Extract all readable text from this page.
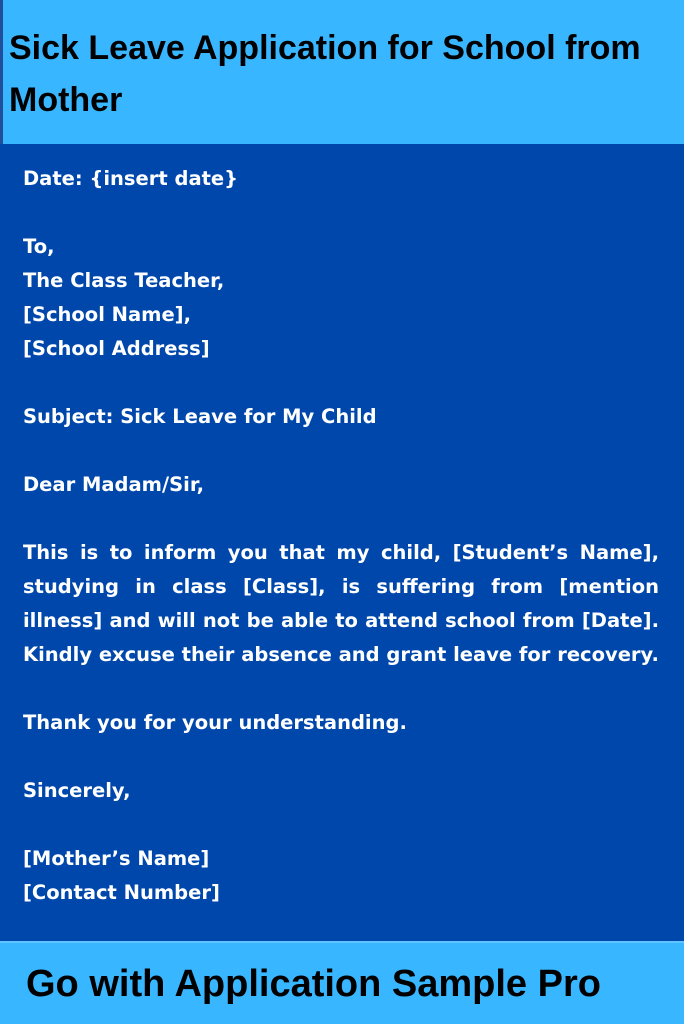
Sick Leave Application for School from Mother
Date: {insert date}
To,
The Class Teacher,
[School Name],
[School Address]
Subject: Sick Leave for My Child
Dear Madam/Sir,
This is to inform you that my child, [Student’s Name], studying in class [Class], is suffering from [mention illness] and will not be able to attend school from [Date]. Kindly excuse their absence and grant leave for recovery.
Thank you for your understanding.
Sincerely,
[Mother’s Name]
[Contact Number]
Go with Application Sample Pro
